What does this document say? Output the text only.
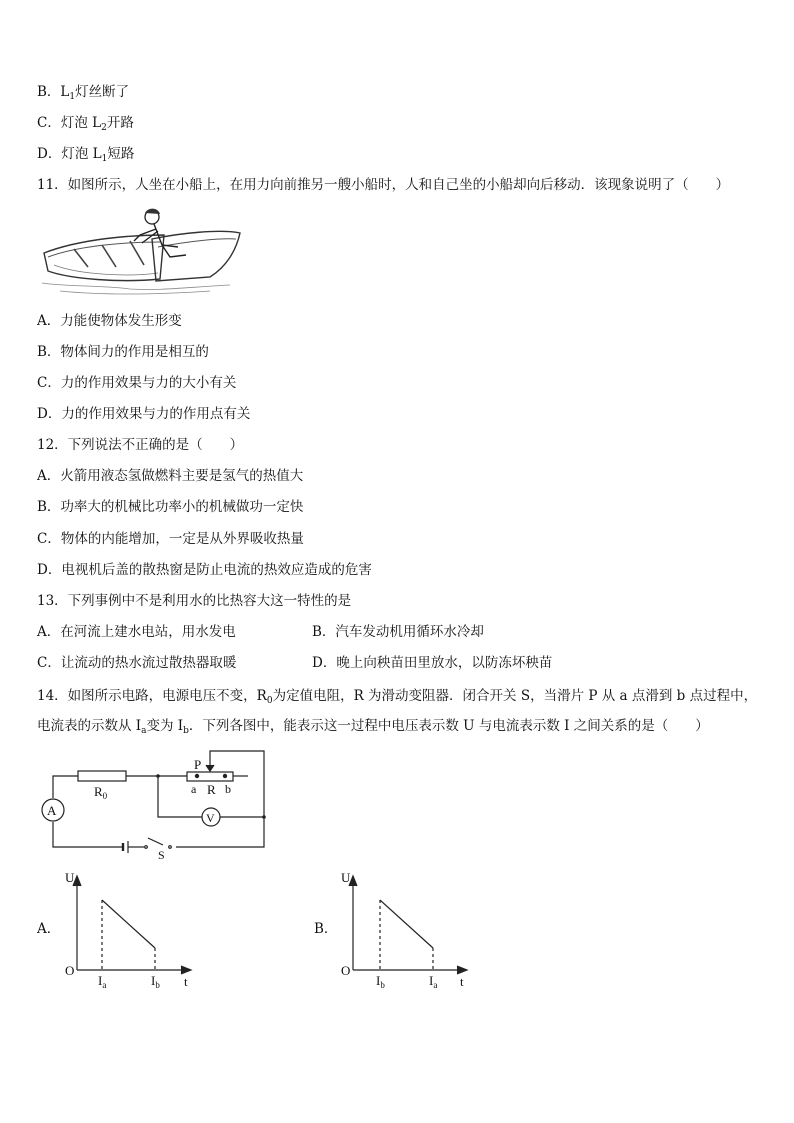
B．$L_1$灯丝断了
C．灯泡 $L_2$开路
D．灯泡 $L_1$短路
11．如图所示，人坐在小船上，在用力向前推另一艘小船时，人和自己坐的小船却向后移动．该现象说明了（　　）
A．力能使物体发生形变
B．物体间力的作用是相互的
C．力的作用效果与力的大小有关
D．力的作用效果与力的作用点有关
12．下列说法不正确的是（　　）
A．火箭用液态氢做燃料主要是氢气的热值大
B．功率大的机械比功率小的机械做功一定快
C．物体的内能增加，一定是从外界吸收热量
D．电视机后盖的散热窗是防止电流的热效应造成的危害
13．下列事例中不是利用水的比热容大这一特性的是
A．在河流上建水电站，用水发电	B．汽车发动机用循环水冷却
C．让流动的热水流过散热器取暖	D．晚上向秧苗田里放水，以防冻坏秧苗
14．如图所示电路，电源电压不变，$R_0$为定值电阻，R 为滑动变阻器．闭合开关 S，当滑片 P 从 a 点滑到 b 点过程中，
电流表的示数从 $I_a$变为 $I_b$．下列各图中，能表示这一过程中电压表示数 U 与电流表示数 I 之间关系的是（　　）
A	V
$R_0$
P
a R b
S
A．
U
O
t
$I_a$	$I_b$
B．
U
O
t
$I_b$	$I_a$
